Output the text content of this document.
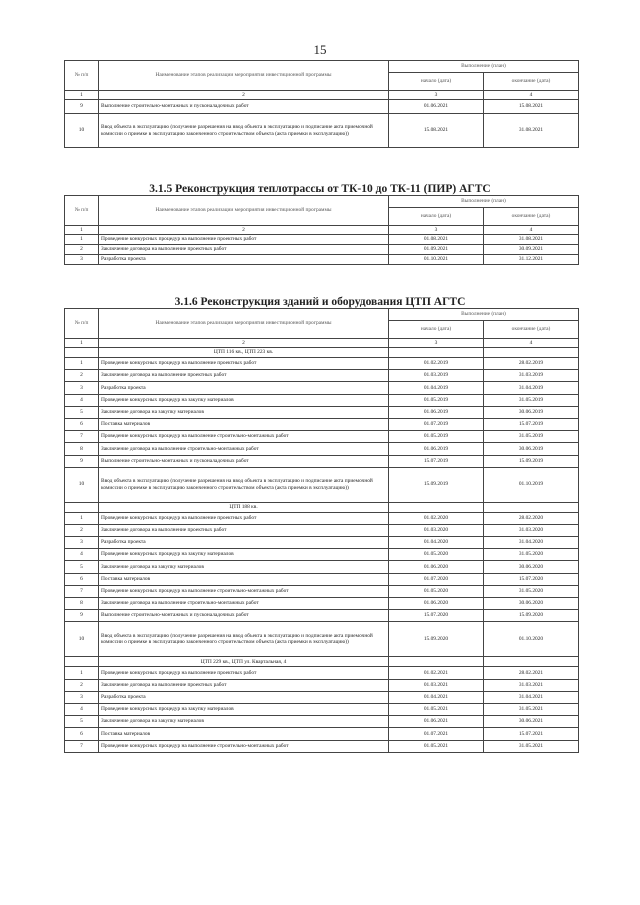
15
№ п/п	Наименование этапов реализации мероприятия инвестиционной программы	Выполнение (план)	
		начало (дата)	окончание (дата)

1	2	3	4
9	Выполнение строительно-монтажных и пусконаладочных работ	01.06.2021	15.08.2021
10	Ввод объекта в эксплуатацию (получение разрешения на ввод объекта в эксплуатацию и подписание акта приемочной комиссии о приемке в эксплуатацию законченного строительством объекта (акта приемки в эксплуатацию))	15.08.2021	31.08.2021
3.1.5 Реконструкция теплотрассы от ТК-10 до ТК-11 (ПИР) АГТС
№ п/п	Наименование этапов реализации мероприятия инвестиционной программы	Выполнение (план)	
		начало (дата)	окончание (дата)

1	2	3	4
1	Проведение конкурсных процедур на выполнение проектных работ	01.08.2021	31.08.2021
2	Заключение договора на выполнение проектных работ	01.09.2021	30.09.2021
3	Разработка проекта	01.10.2021	31.12.2021
3.1.6 Реконструкция зданий и оборудования ЦТП АГТС
№ п/п	Наименование этапов реализации мероприятия инвестиционной программы	Выполнение (план)	
		начало (дата)	окончание (дата)

1	2	3	4
	ЦТП 116 кв., ЦТП 223 кв.		
1	Проведение конкурсных процедур на выполнение проектных работ	01.02.2019	28.02.2019
2	Заключение договора на выполнение проектных работ	01.03.2019	31.03.2019
3	Разработка проекта	01.04.2019	31.04.2019
4	Проведение конкурсных процедур на закупку материалов	01.05.2019	31.05.2019
5	Заключение договора на закупку материалов	01.06.2019	30.06.2019
6	Поставка материалов	01.07.2019	15.07.2019
7	Проведение конкурсных процедур на выполнение строительно-монтажных работ	01.05.2019	31.05.2019
8	Заключение договора на выполнение строительно-монтажных работ	01.06.2019	30.06.2019
9	Выполнение строительно-монтажных и пусконаладочных работ	15.07.2019	15.09.2019
10	Ввод объекта в эксплуатацию (получение разрешения на ввод объекта в эксплуатацию и подписание акта приемочной комиссии о приемке в эксплуатацию законченного строительством объекта (акта приемки в эксплуатацию))	15.09.2019	01.10.2019
	ЦТП 188 кв.		
1	Проведение конкурсных процедур на выполнение проектных работ	01.02.2020	28.02.2020
2	Заключение договора на выполнение проектных работ	01.03.2020	31.03.2020
3	Разработка проекта	01.04.2020	31.04.2020
4	Проведение конкурсных процедур на закупку материалов	01.05.2020	31.05.2020
5	Заключение договора на закупку материалов	01.06.2020	30.06.2020
6	Поставка материалов	01.07.2020	15.07.2020
7	Проведение конкурсных процедур на выполнение строительно-монтажных работ	01.05.2020	31.05.2020
8	Заключение договора на выполнение строительно-монтажных работ	01.06.2020	30.06.2020
9	Выполнение строительно-монтажных и пусконаладочных работ	15.07.2020	15.09.2020
10	Ввод объекта в эксплуатацию (получение разрешения на ввод объекта в эксплуатацию и подписание акта приемочной комиссии о приемке в эксплуатацию законченного строительством объекта (акта приемки в эксплуатацию))	15.09.2020	01.10.2020
	ЦТП 229 кв., ЦТП ул. Квартальная, 4		
1	Проведение конкурсных процедур на выполнение проектных работ	01.02.2021	28.02.2021
2	Заключение договора на выполнение проектных работ	01.03.2021	31.03.2021
3	Разработка проекта	01.04.2021	31.04.2021
4	Проведение конкурсных процедур на закупку материалов	01.05.2021	31.05.2021
5	Заключение договора на закупку материалов	01.06.2021	30.06.2021
6	Поставка материалов	01.07.2021	15.07.2021
7	Проведение конкурсных процедур на выполнение строительно-монтажных работ	01.05.2021	31.05.2021
